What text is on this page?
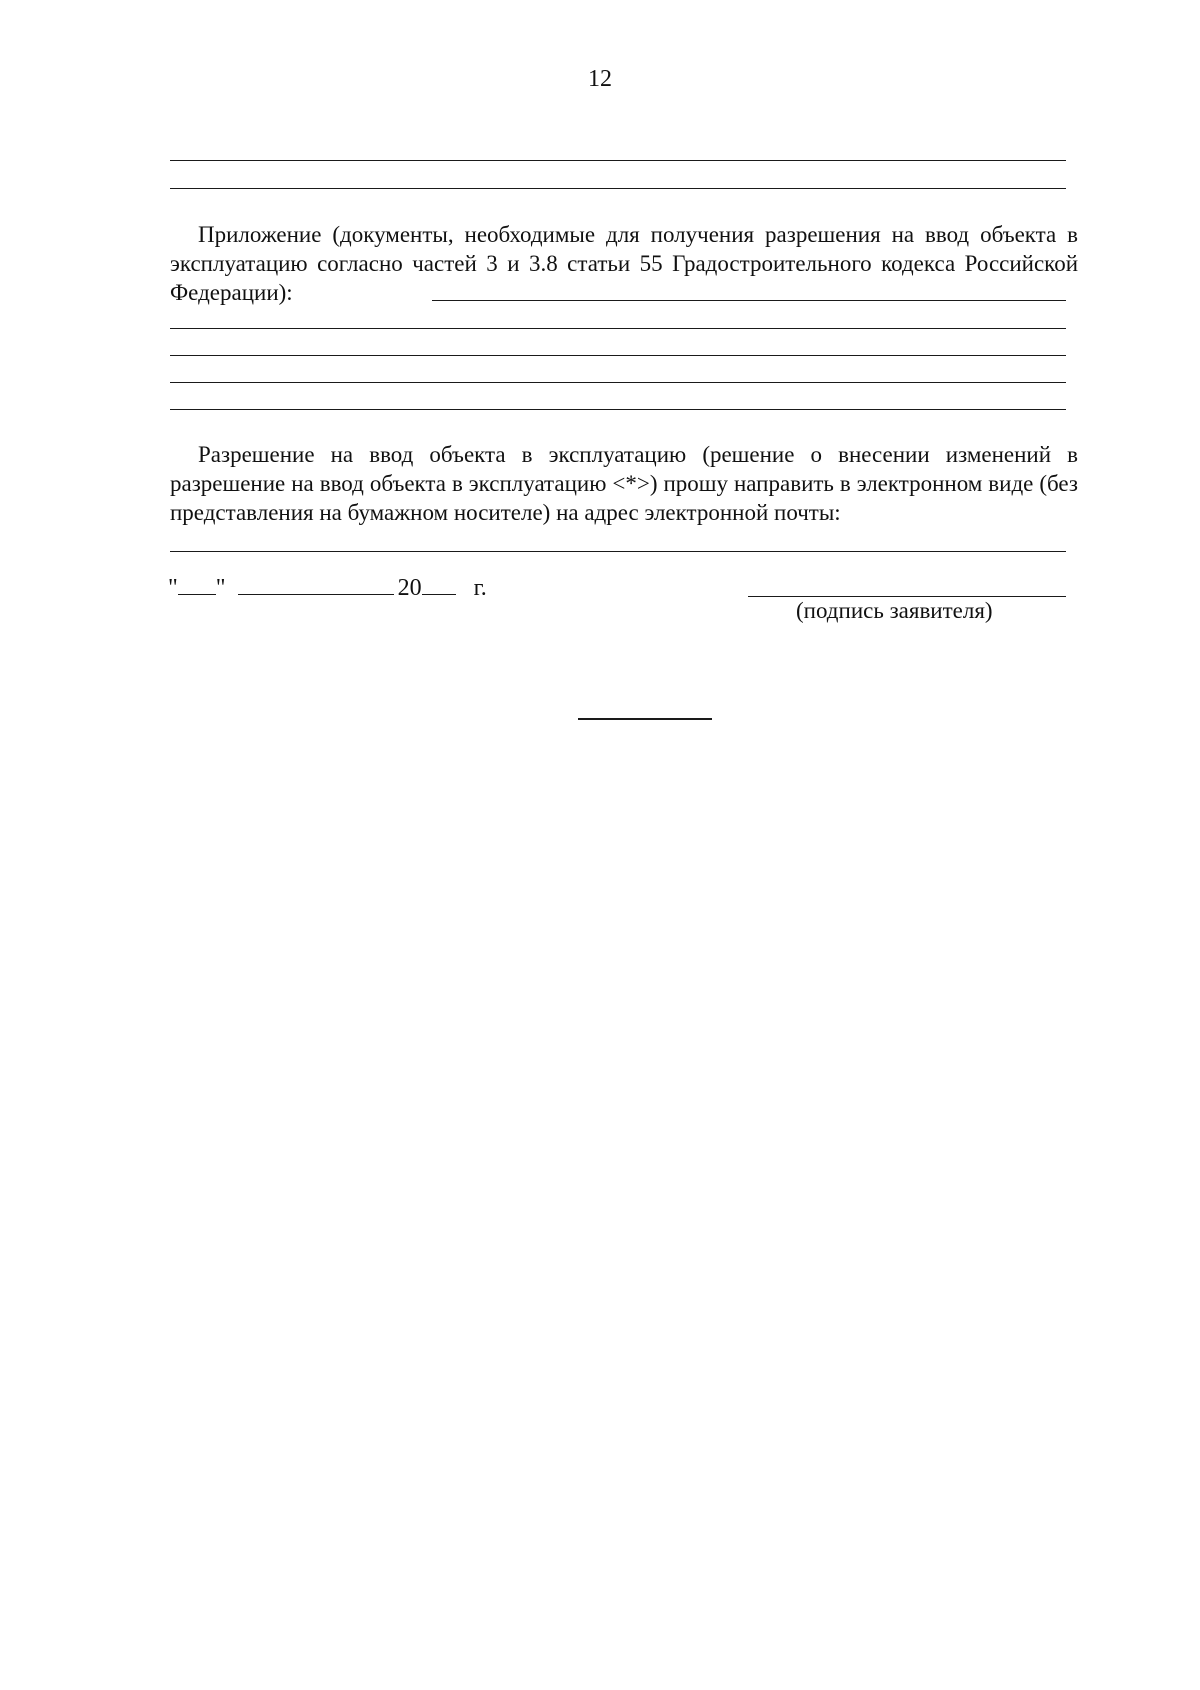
12
Приложение (документы, необходимые для получения разрешения на ввод объекта в эксплуатацию согласно частей 3 и 3.8 статьи 55 Градостроительного кодекса Российской Федерации):
Разрешение на ввод объекта в эксплуатацию (решение о внесении изменений в разрешение на ввод объекта в эксплуатацию <*>) прошу направить в электронном виде (без представления на бумажном носителе) на адрес электронной почты:
" "	20 г.
(подпись заявителя)
